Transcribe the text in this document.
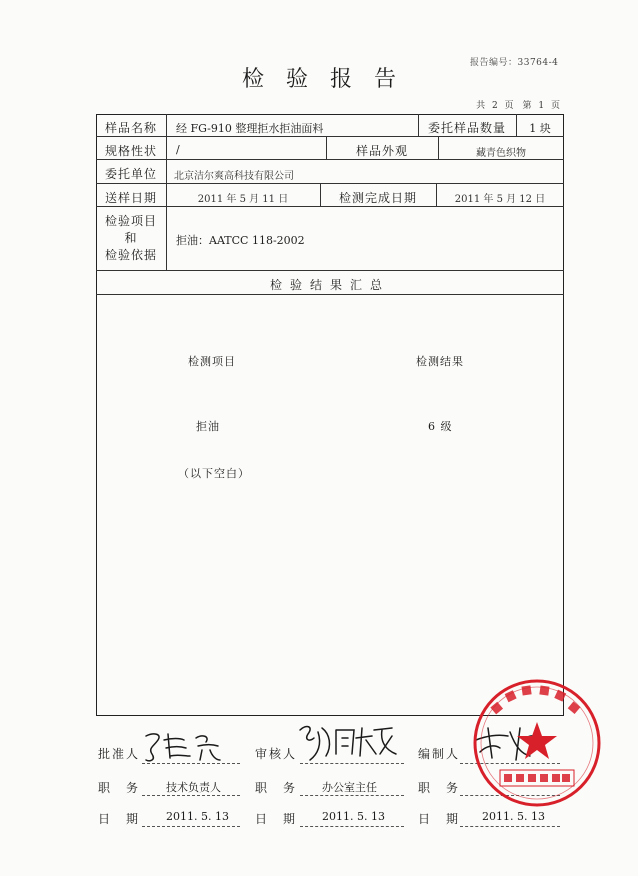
报告编号：33764-4
检验报告
共 2 页　第 1 页
样品名称	经 FG-910 整理拒水拒油面料	委托样品数量	1 块
规格性状	/	样品外观	藏青色织物
委托单位	北京洁尔爽高科技有限公司
送样日期	2011 年 5 月 11 日	检测完成日期	2011 年 5 月 12 日
检验项目
和
检验依据
拒油：AATCC 118-2002
检验结果汇总
检测项目	检测结果
拒油	6 级
（以下空白）
批准人	审核人	编制人
职　务	职　务	职　务
技术负责人	办公室主任
日　期	日　期	日　期
2011. 5. 13	2011. 5. 13	2011. 5. 13
